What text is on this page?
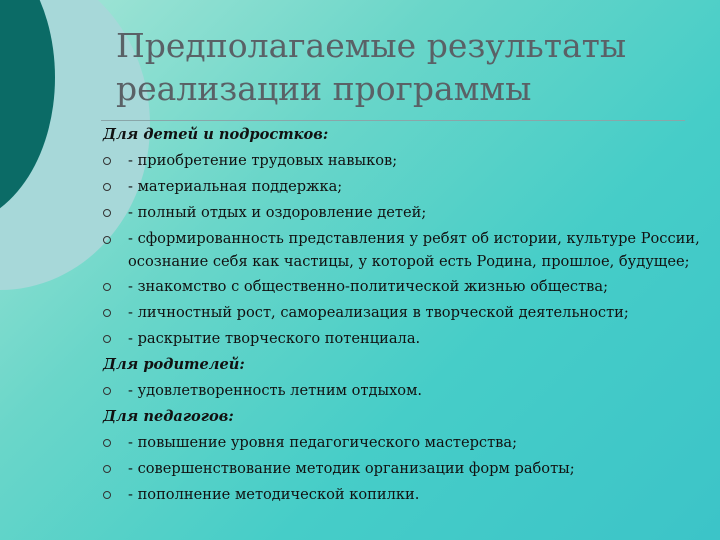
Предполагаемые результаты
реализации программы
Для детей и подростков:
- приобретение трудовых навыков;
- материальная поддержка;
- полный отдых и оздоровление детей;
- сформированность представления у ребят об истории, культуре России, осознание себя как частицы, у которой есть Родина, прошлое, будущее;
- знакомство с общественно-политической жизнью общества;
- личностный рост, самореализация в творческой деятельности;
- раскрытие творческого потенциала.
Для родителей:
- удовлетворенность летним отдыхом.
Для педагогов:
- повышение уровня педагогического мастерства;
- совершенствование методик организации форм работы;
- пополнение методической копилки.
